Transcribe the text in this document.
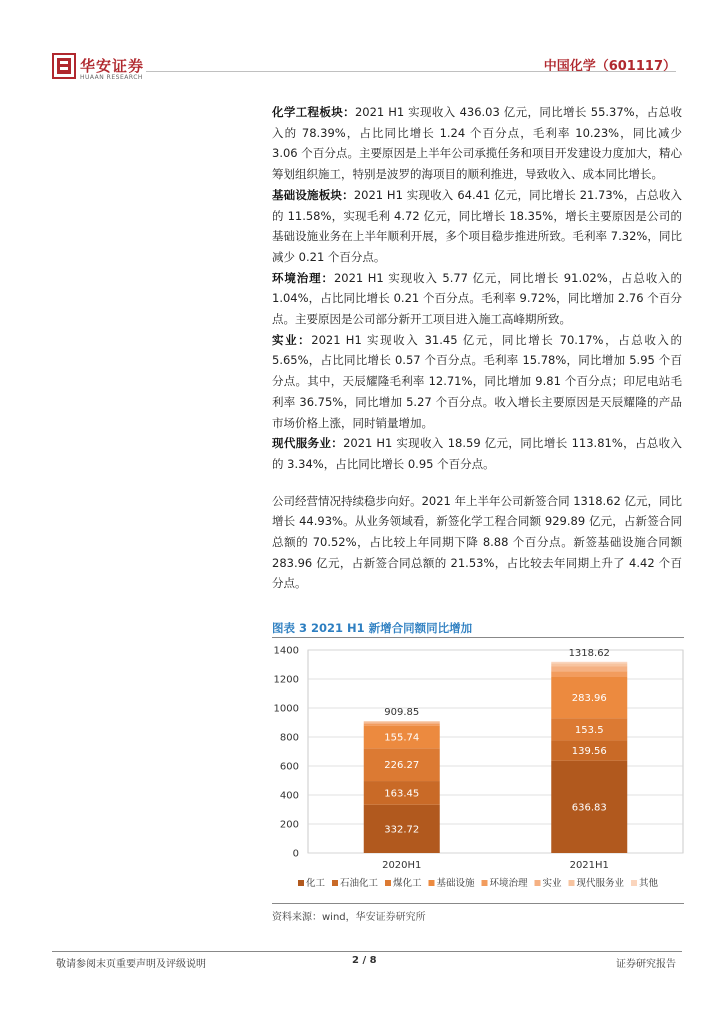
华安证券
HUAAN RESEARCH
中国化学（601117）

化学工程板块：2021 H1 实现收入 436.03 亿元，同比增长 55.37%，占总收入的 78.39%，占比同比增长 1.24 个百分点，毛利率 10.23%，同比减少 3.06 个百分点。主要原因是上半年公司承揽任务和项目开发建设力度加大，精心筹划组织施工，特别是波罗的海项目的顺利推进，导致收入、成本同比增长。

基础设施板块：2021 H1 实现收入 64.41 亿元，同比增长 21.73%，占总收入的 11.58%，实现毛利 4.72 亿元，同比增长 18.35%，增长主要原因是公司的基础设施业务在上半年顺利开展，多个项目稳步推进所致。毛利率 7.32%，同比减少 0.21 个百分点。

环境治理：2021 H1 实现收入 5.77 亿元，同比增长 91.02%，占总收入的 1.04%，占比同比增长 0.21 个百分点。毛利率 9.72%，同比增加 2.76 个百分点。主要原因是公司部分新开工项目进入施工高峰期所致。

实业：2021 H1 实现收入 31.45 亿元，同比增长 70.17%，占总收入的 5.65%，占比同比增长 0.57 个百分点。毛利率 15.78%，同比增加 5.95 个百分点。其中，天辰耀隆毛利率 12.71%，同比增加 9.81 个百分点；印尼电站毛利率 36.75%，同比增加 5.27 个百分点。收入增长主要原因是天辰耀隆的产品市场价格上涨，同时销量增加。

现代服务业：2021 H1 实现收入 18.59 亿元，同比增长 113.81%，占总收入的 3.34%，占比同比增长 0.95 个百分点。

公司经营情况持续稳步向好。2021 年上半年公司新签合同 1318.62 亿元，同比增长 44.93%。从业务领域看，新签化学工程合同额 929.89 亿元，占新签合同总额的 70.52%，占比较上年同期下降 8.88 个百分点。新签基础设施合同额 283.96 亿元，占新签合同总额的 21.53%，占比较去年同期上升了 4.42 个百分点。

图表 3 2021 H1 新增合同额同比增加
0
200
400
600
800
1000
1200
1400
332.72
163.45
226.27
155.74
909.85
2020H1
636.83
139.56
153.5
283.96
1318.62
2021H1
化工 石油化工 煤化工 基础设施 环境治理 实业 现代服务业 其他
资料来源：wind，华安证券研究所
敬请参阅末页重要声明及评级说明	2 / 8	证券研究报告
